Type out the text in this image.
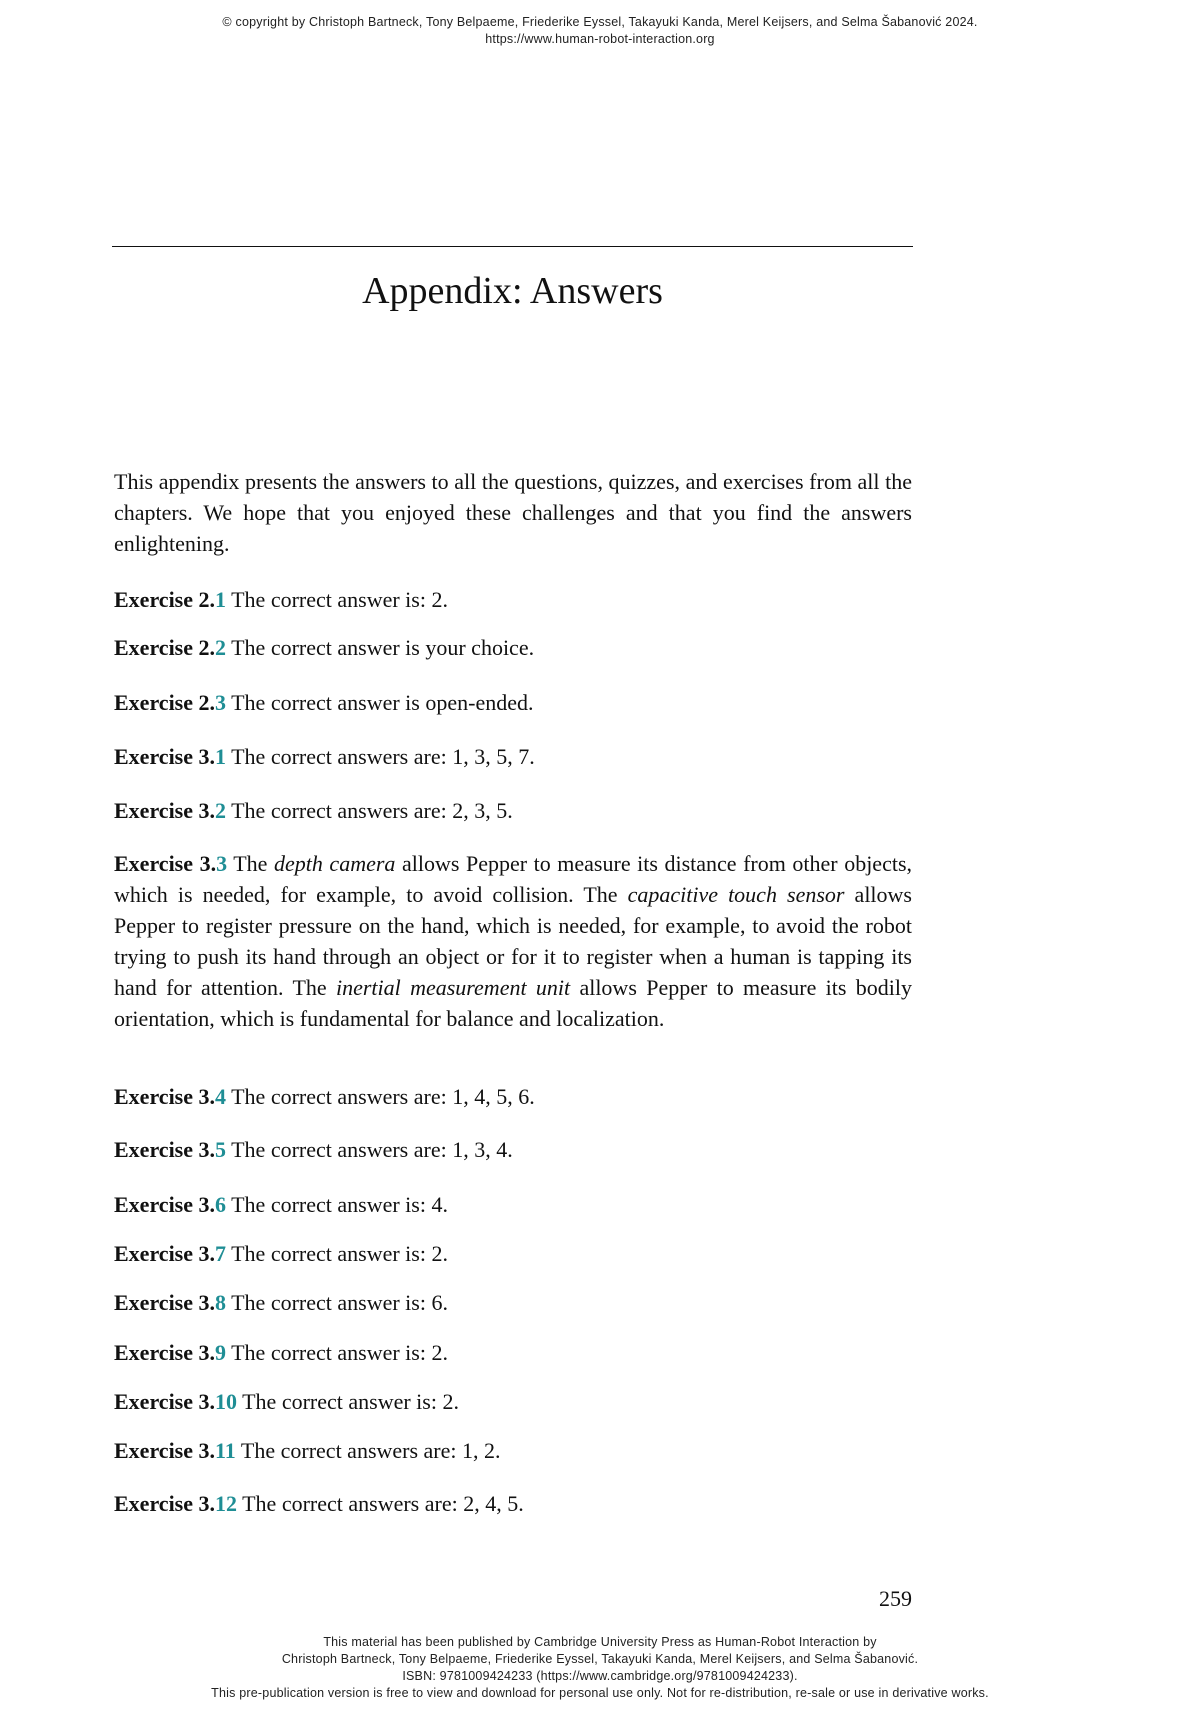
© copyright by Christoph Bartneck, Tony Belpaeme, Friederike Eyssel, Takayuki Kanda, Merel Keijsers, and Selma Šabanović 2024.
https://www.human-robot-interaction.org
Appendix: Answers

This appendix presents the answers to all the questions, quizzes, and exercises from all the chapters. We hope that you enjoyed these challenges and that you find the answers enlightening.

Exercise 2.1 The correct answer is: 2.

Exercise 2.2 The correct answer is your choice.

Exercise 2.3 The correct answer is open-ended.

Exercise 3.1 The correct answers are: 1, 3, 5, 7.

Exercise 3.2 The correct answers are: 2, 3, 5.

Exercise 3.3 The depth camera allows Pepper to measure its distance from other objects, which is needed, for example, to avoid collision. The capacitive touch sensor allows Pepper to register pressure on the hand, which is needed, for example, to avoid the robot trying to push its hand through an object or for it to register when a human is tapping its hand for attention. The inertial measurement unit allows Pepper to measure its bodily orientation, which is fundamental for balance and localization.

Exercise 3.4 The correct answers are: 1, 4, 5, 6.

Exercise 3.5 The correct answers are: 1, 3, 4.

Exercise 3.6 The correct answer is: 4.

Exercise 3.7 The correct answer is: 2.

Exercise 3.8 The correct answer is: 6.

Exercise 3.9 The correct answer is: 2.

Exercise 3.10 The correct answer is: 2.

Exercise 3.11 The correct answers are: 1, 2.

Exercise 3.12 The correct answers are: 2, 4, 5.

259
This material has been published by Cambridge University Press as Human-Robot Interaction by
Christoph Bartneck, Tony Belpaeme, Friederike Eyssel, Takayuki Kanda, Merel Keijsers, and Selma Šabanović.
ISBN: 9781009424233 (https://www.cambridge.org/9781009424233).
This pre-publication version is free to view and download for personal use only. Not for re-distribution, re-sale or use in derivative works.
